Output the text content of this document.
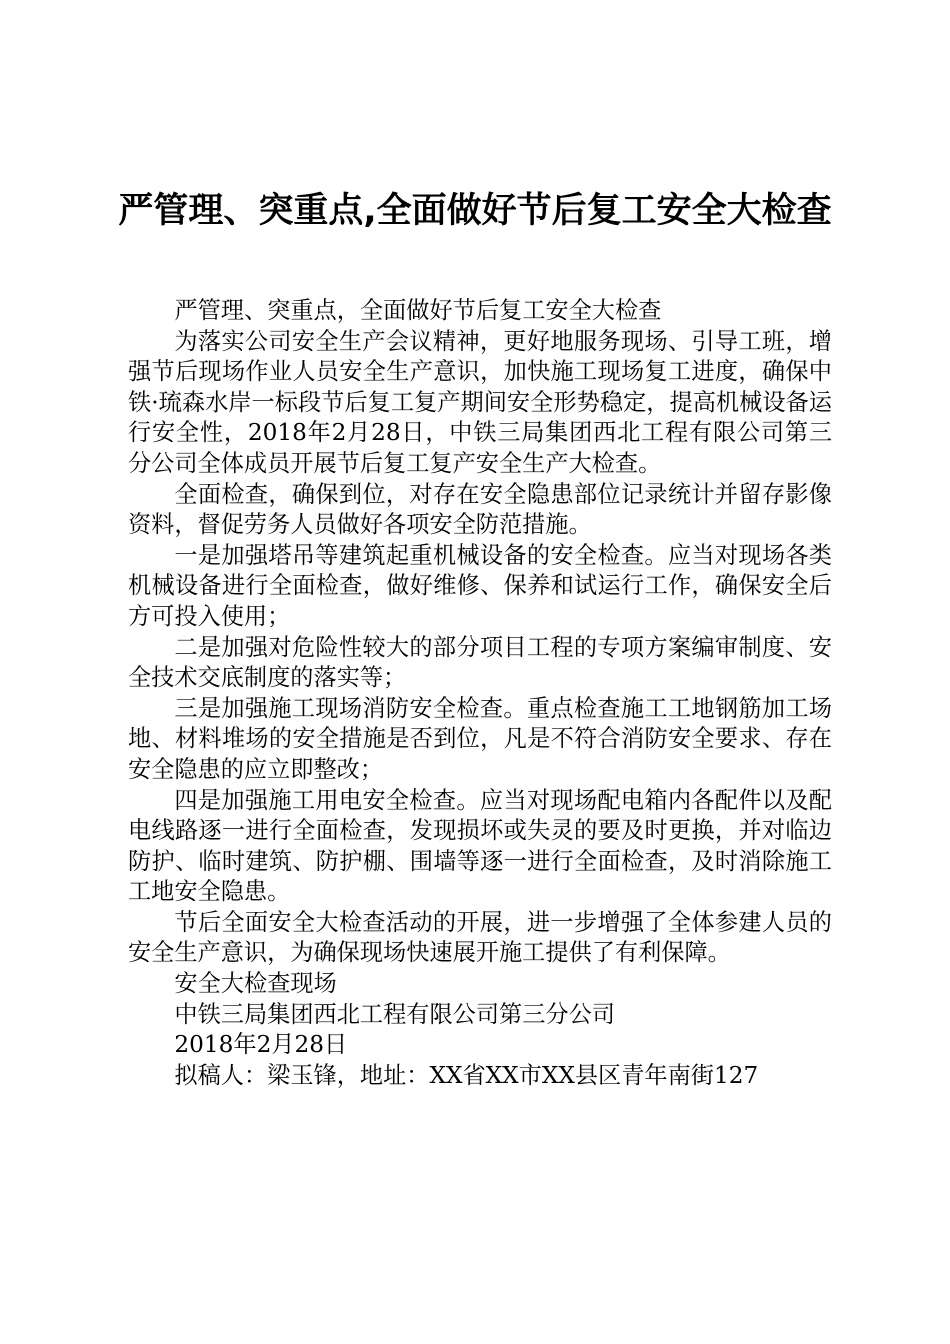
严管理、突重点,全面做好节后复工安全大检查

严管理、突重点，全面做好节后复工安全大检查

为落实公司安全生产会议精神，更好地服务现场、引导工班，增强节后现场作业人员安全生产意识，加快施工现场复工进度，确保中铁·琉森水岸一标段节后复工复产期间安全形势稳定，提高机械设备运行安全性，2018年2月28日，中铁三局集团西北工程有限公司第三分公司全体成员开展节后复工复产安全生产大检查。

全面检查，确保到位，对存在安全隐患部位记录统计并留存影像资料，督促劳务人员做好各项安全防范措施。

一是加强塔吊等建筑起重机械设备的安全检查。应当对现场各类机械设备进行全面检查，做好维修、保养和试运行工作，确保安全后方可投入使用；

二是加强对危险性较大的部分项目工程的专项方案编审制度、安全技术交底制度的落实等；

三是加强施工现场消防安全检查。重点检查施工工地钢筋加工场地、材料堆场的安全措施是否到位，凡是不符合消防安全要求、存在安全隐患的应立即整改；

四是加强施工用电安全检查。应当对现场配电箱内各配件以及配电线路逐一进行全面检查，发现损坏或失灵的要及时更换，并对临边防护、临时建筑、防护棚、围墙等逐一进行全面检查，及时消除施工工地安全隐患。

节后全面安全大检查活动的开展，进一步增强了全体参建人员的安全生产意识，为确保现场快速展开施工提供了有利保障。

安全大检查现场

中铁三局集团西北工程有限公司第三分公司

2018年2月28日

拟稿人：梁玉锋，地址：XX省XX市XX县区青年南街127
